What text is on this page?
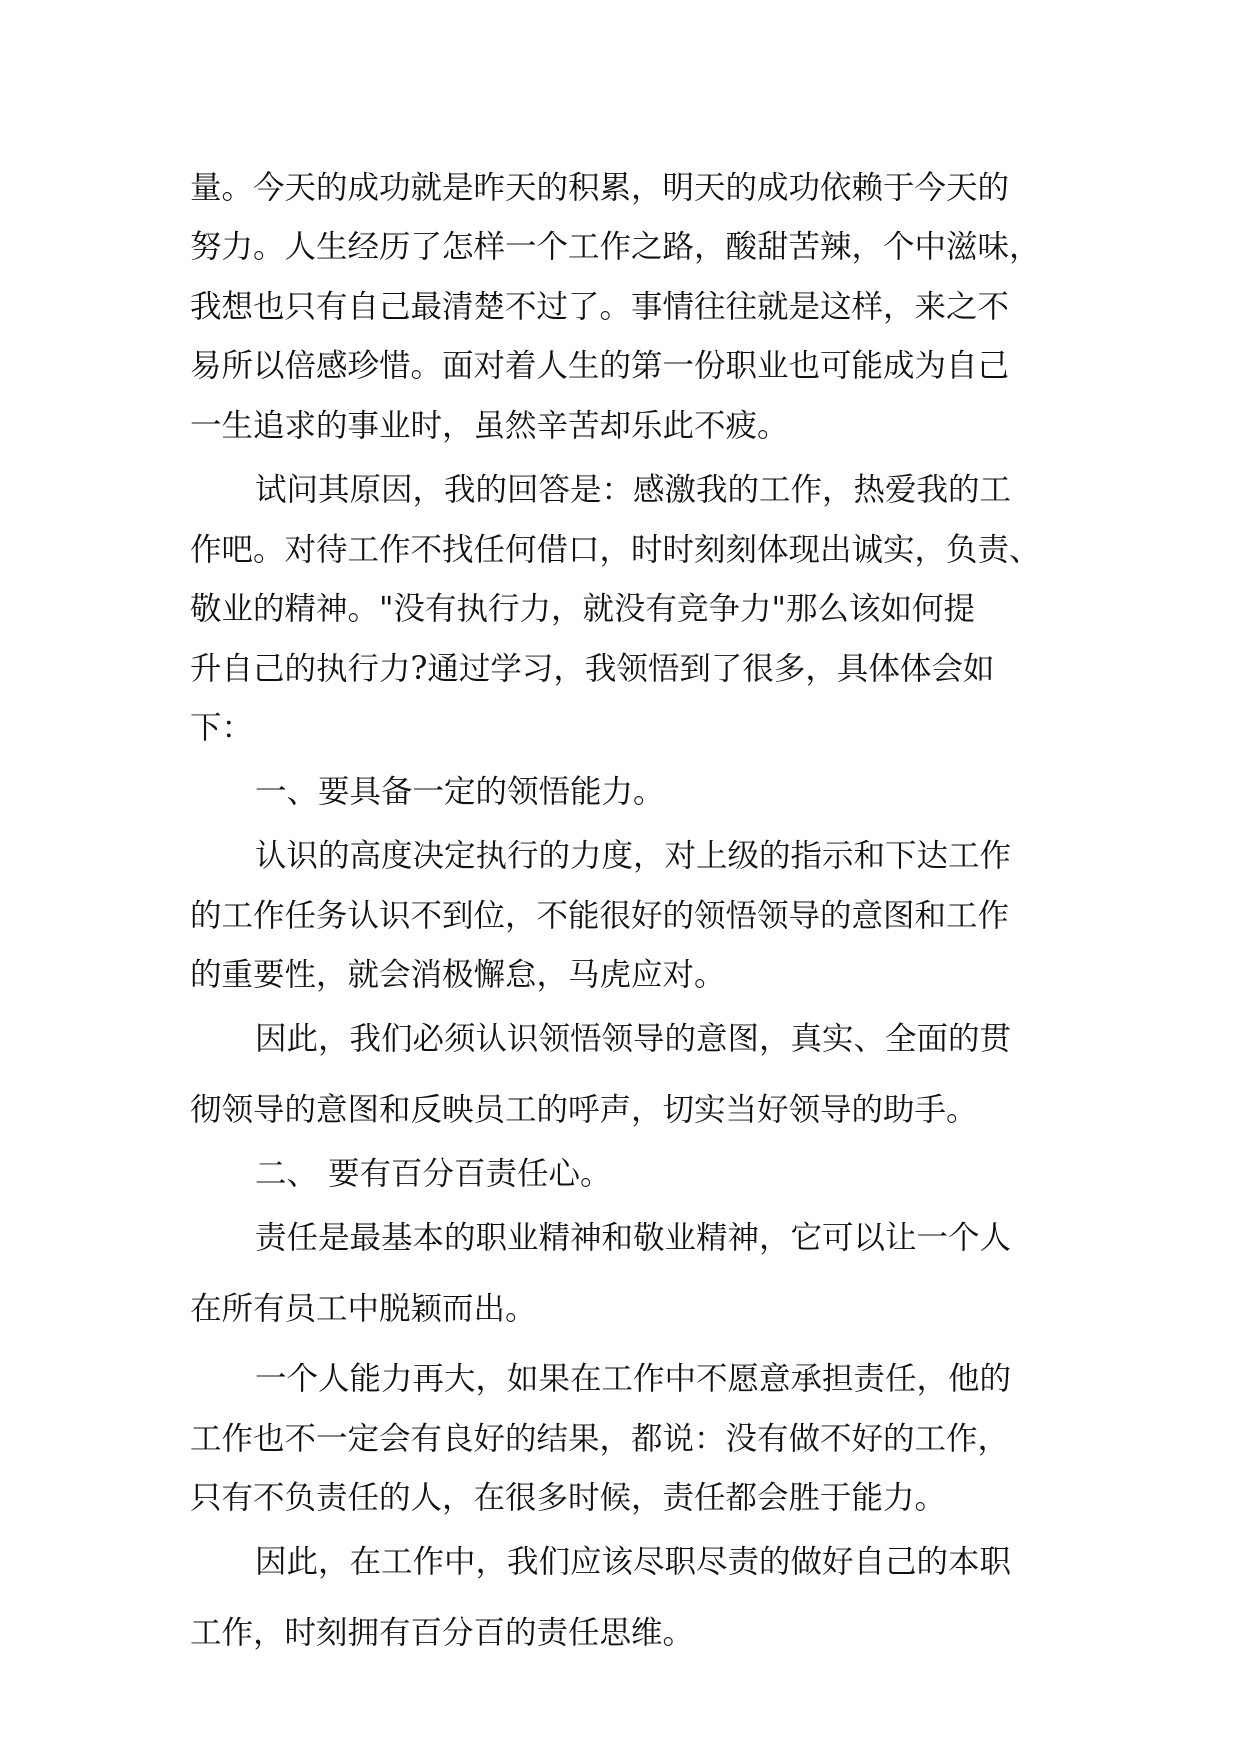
量。今天的成功就是昨天的积累，明天的成功依赖于今天的

努力。人生经历了怎样一个工作之路，酸甜苦辣，个中滋味，

我想也只有自己最清楚不过了。事情往往就是这样，来之不

易所以倍感珍惜。面对着人生的第一份职业也可能成为自己

一生追求的事业时，虽然辛苦却乐此不疲。

试问其原因，我的回答是：感激我的工作，热爱我的工

作吧。对待工作不找任何借口，时时刻刻体现出诚实，负责、

敬业的精神。"没有执行力，就没有竞争力"那么该如何提

升自己的执行力?通过学习，我领悟到了很多，具体体会如

下：

一、要具备一定的领悟能力。

认识的高度决定执行的力度，对上级的指示和下达工作

的工作任务认识不到位，不能很好的领悟领导的意图和工作

的重要性，就会消极懈怠，马虎应对。

因此，我们必须认识领悟领导的意图，真实、全面的贯

彻领导的意图和反映员工的呼声，切实当好领导的助手。

二、 要有百分百责任心。

责任是最基本的职业精神和敬业精神，它可以让一个人

在所有员工中脱颖而出。

一个人能力再大，如果在工作中不愿意承担责任，他的

工作也不一定会有良好的结果，都说：没有做不好的工作，

只有不负责任的人，在很多时候，责任都会胜于能力。

因此，在工作中，我们应该尽职尽责的做好自己的本职

工作，时刻拥有百分百的责任思维。
